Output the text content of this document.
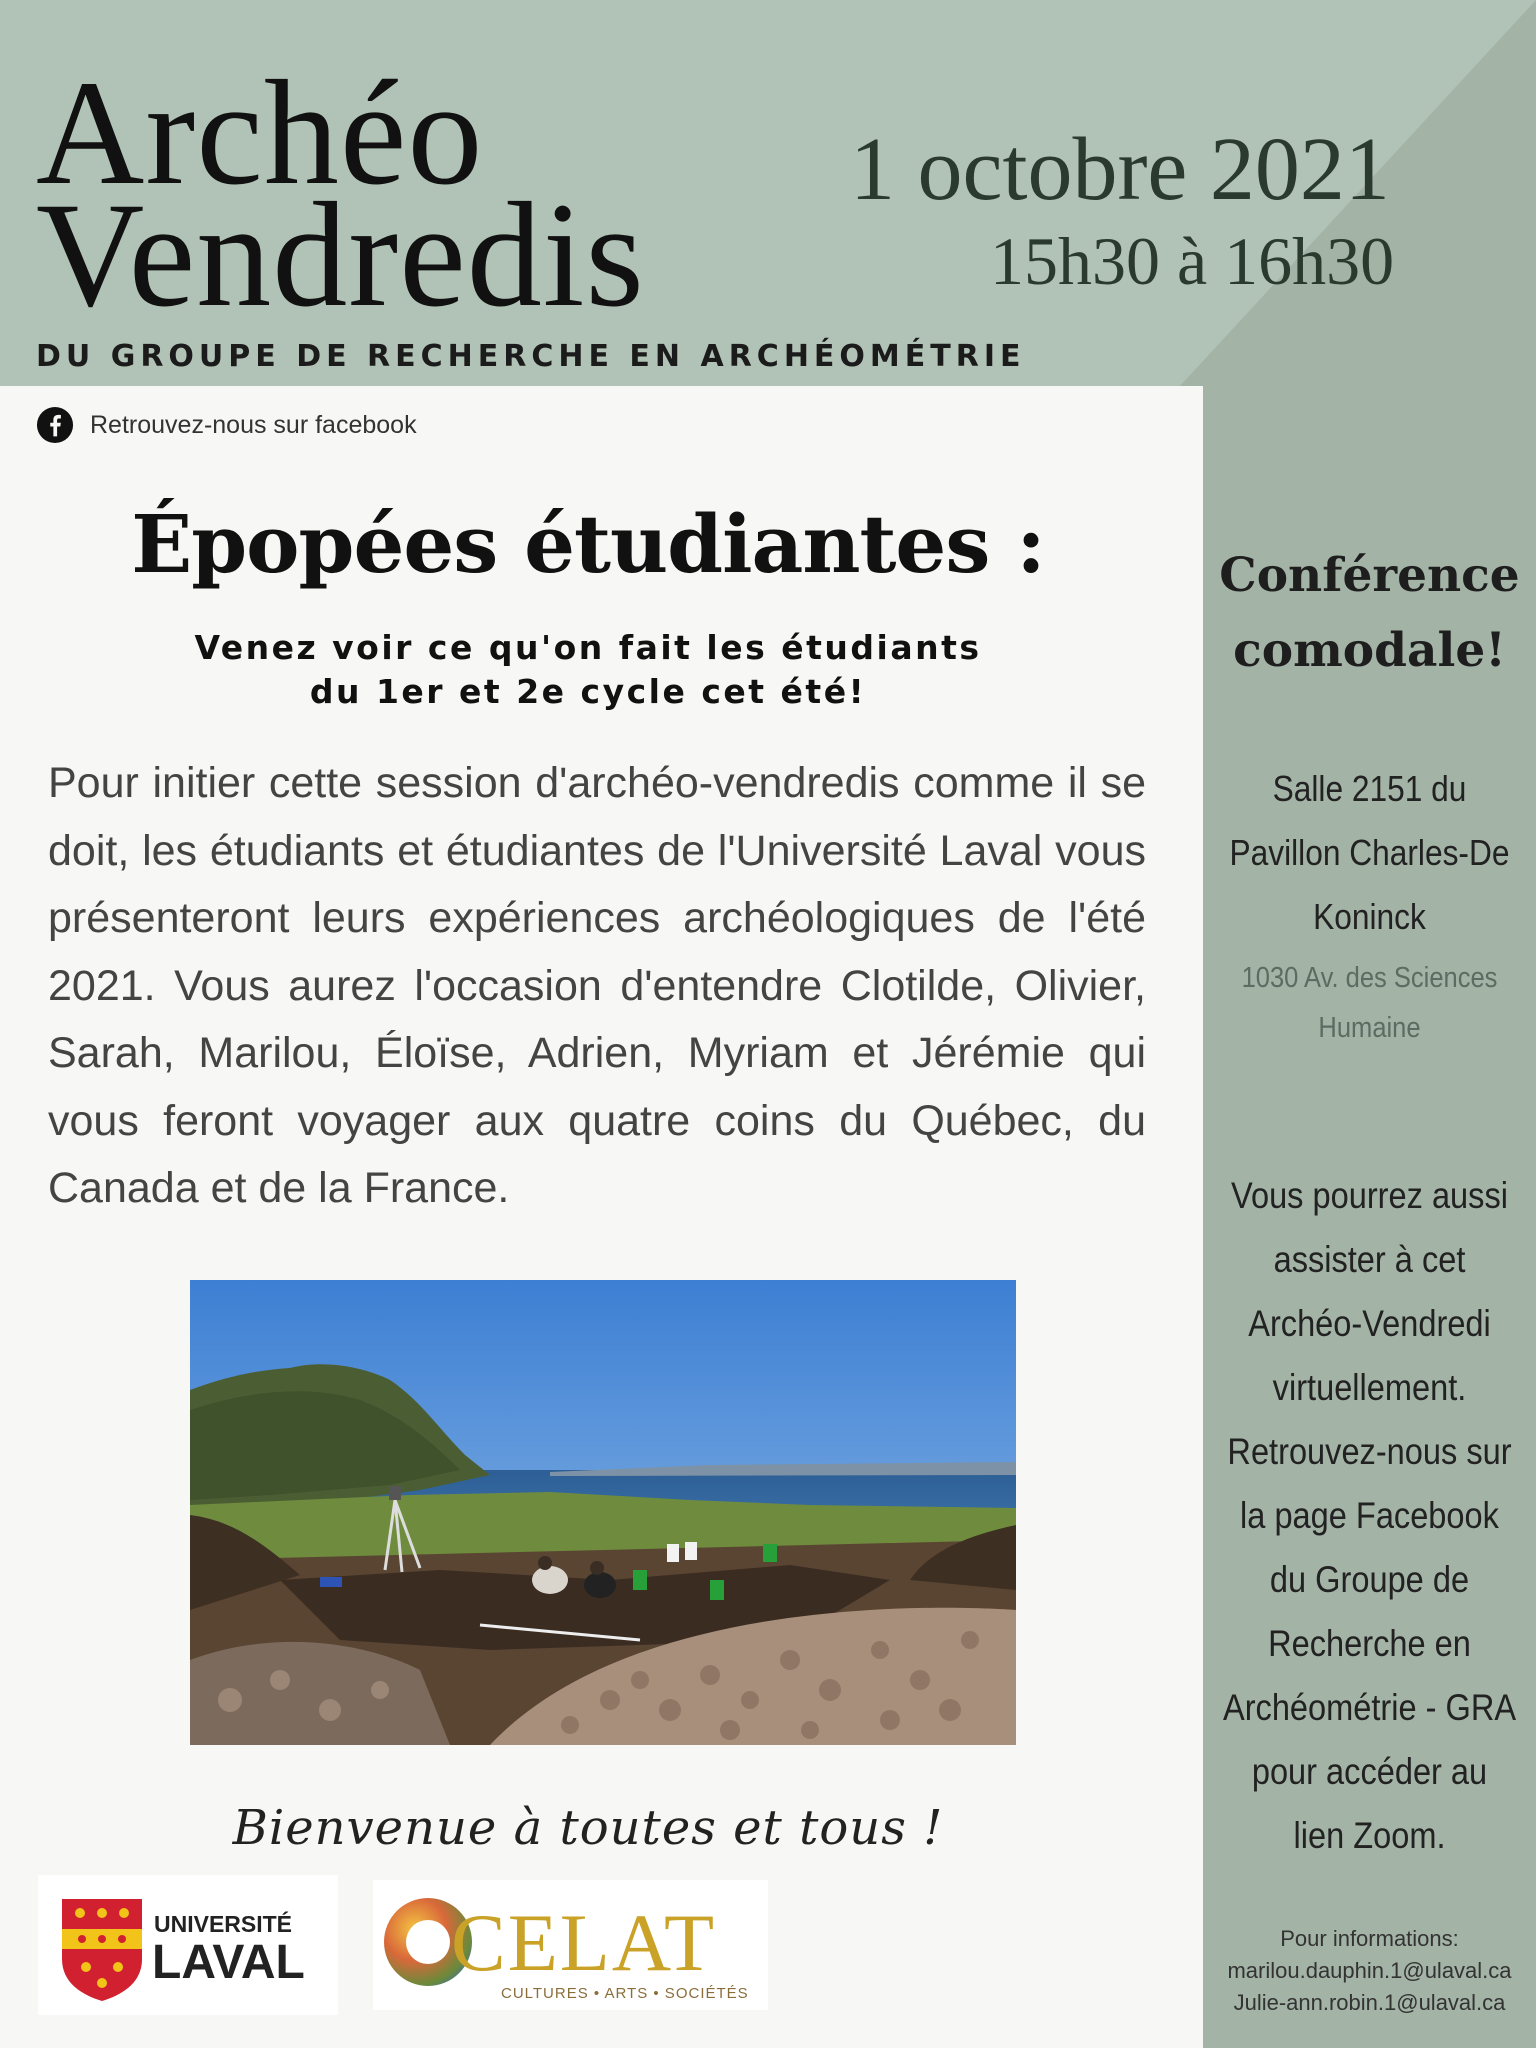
Archéo
Vendredis
DU GROUPE DE RECHERCHE EN ARCHÉOMÉTRIE
1 octobre 2021
15h30 à 16h30
Retrouvez-nous sur facebook
Épopées étudiantes :
Venez voir ce qu'on fait les étudiants
du 1er et 2e cycle cet été!
Pour initier cette session d'archéo-vendredis comme il se doit, les étudiants et étudiantes de l'Université Laval vous présenteront leurs expériences archéologiques de l'été 2021. Vous aurez l'occasion d'entendre Clotilde, Olivier, Sarah, Marilou, Éloïse, Adrien, Myriam et Jérémie qui vous feront voyager aux quatre coins du Québec, du Canada et de la France.
Bienvenue à toutes et tous !
UNIVERSITÉ
LAVAL CELAT
CULTURES • ARTS • SOCIÉTÉS
Conférence
comodale!
Salle 2151 du
Pavillon Charles-De
Koninck
1030 Av. des Sciences
Humaine
Vous pourrez aussi
assister à cet
Archéo-Vendredi
virtuellement.
Retrouvez-nous sur
la page Facebook
du Groupe de
Recherche en
Archéométrie - GRA
pour accéder au
lien Zoom.
Pour informations:
marilou.dauphin.1@ulaval.ca
Julie-ann.robin.1@ulaval.ca
